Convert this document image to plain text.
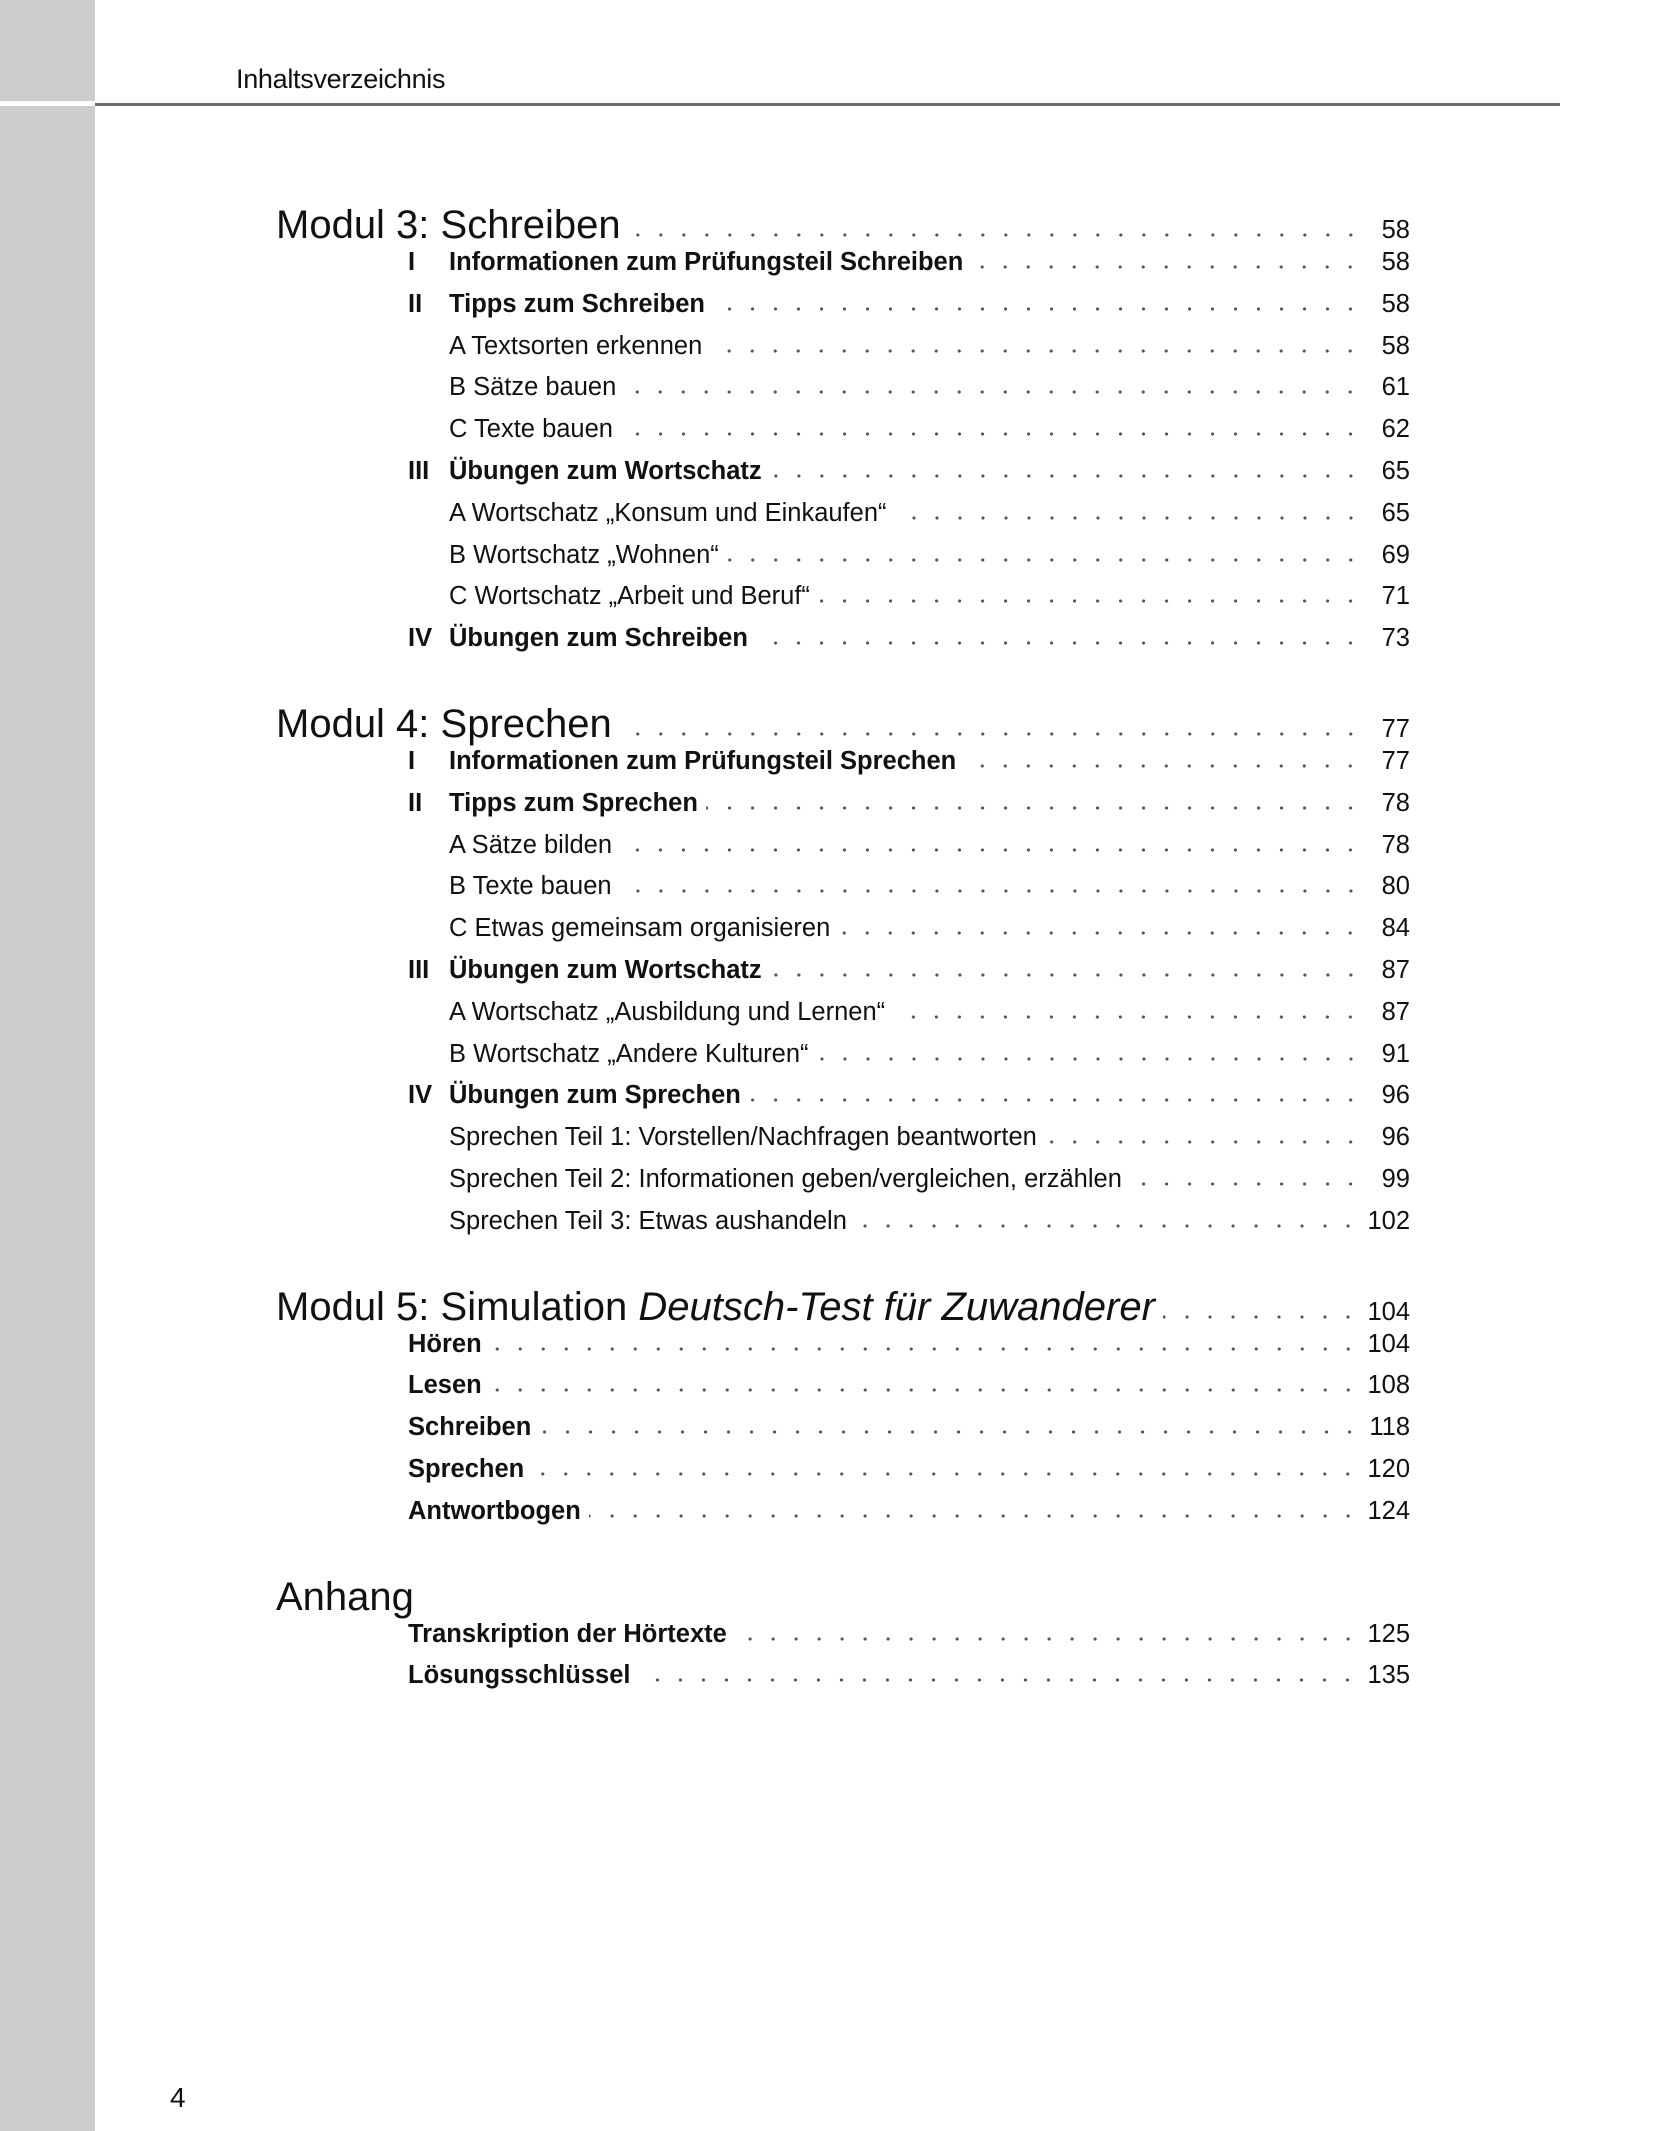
Inhaltsverzeichnis
Modul 3: Schreiben	58
I	Informationen zum Prüfungsteil Schreiben	58
II	Tipps zum Schreiben	58
A Textsorten erkennen	58
B Sätze bauen	61
C Texte bauen	62
III Übungen zum Wortschatz	65
A Wortschatz „Konsum und Einkaufen“	65
B Wortschatz „Wohnen“	69
C Wortschatz „Arbeit und Beruf“	71
IV Übungen zum Schreiben	73
Modul 4: Sprechen	77
I	Informationen zum Prüfungsteil Sprechen	77
II	Tipps zum Sprechen	78
A Sätze bilden	78
B Texte bauen	80
C Etwas gemeinsam organisieren	84
III Übungen zum Wortschatz	87
A Wortschatz „Ausbildung und Lernen“	87
B Wortschatz „Andere Kulturen“	91
IV Übungen zum Sprechen	96
Sprechen Teil 1: Vorstellen/Nachfragen beantworten	96
Sprechen Teil 2: Informationen geben/vergleichen, erzählen	99
Sprechen Teil 3: Etwas aushandeln	102
Modul 5: Simulation Deutsch-Test für Zuwanderer	104
Hören	104
Lesen	108
Schreiben	118
Sprechen	120
Antwortbogen	124
Anhang
Transkription der Hörtexte	125
Lösungsschlüssel	135
4
